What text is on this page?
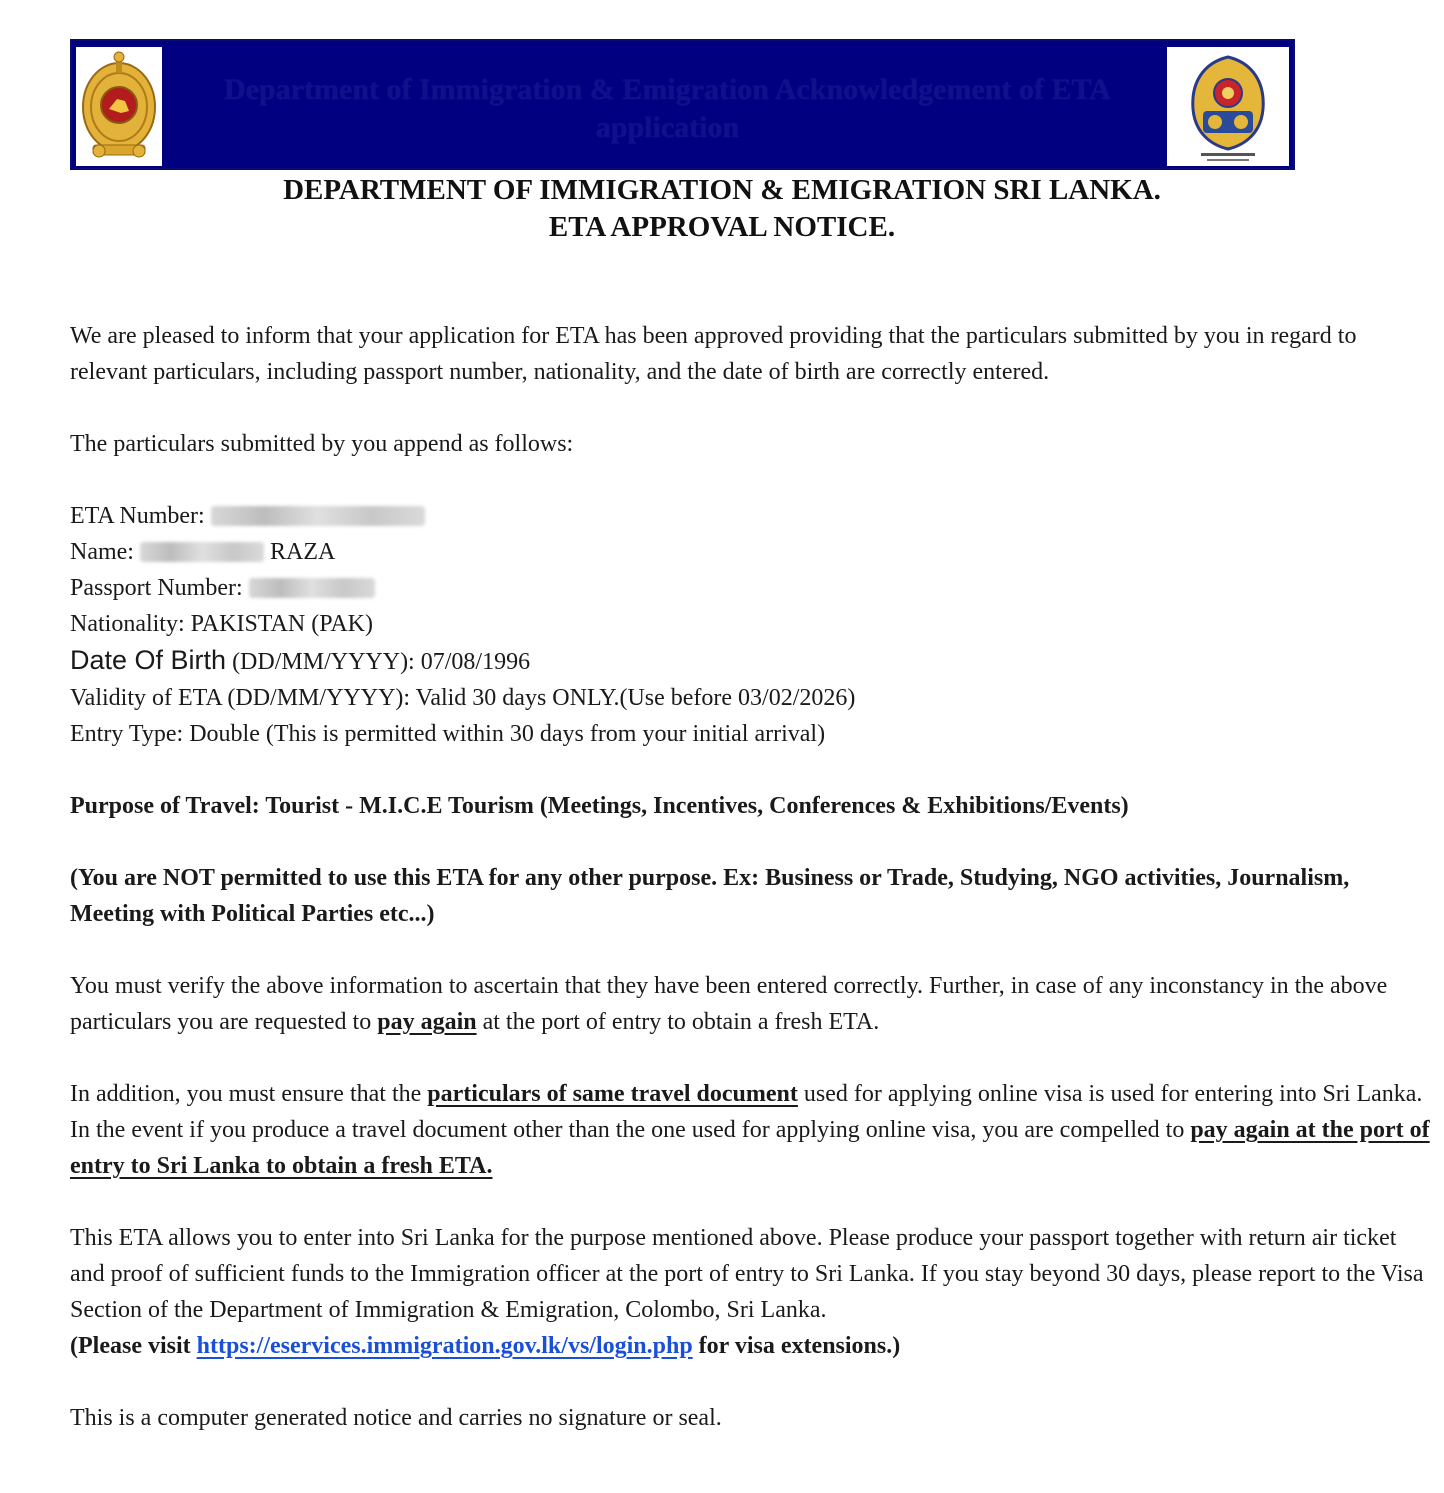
Department of Immigration & Emigration Acknowledgement of ETA
application
DEPARTMENT OF IMMIGRATION & EMIGRATION SRI LANKA.
ETA APPROVAL NOTICE.

We are pleased to inform that your application for ETA has been approved providing that the particulars submitted by you in regard to relevant particulars, including passport number, nationality, and the date of birth are correctly entered.

The particulars submitted by you append as follows:

ETA Number:

Name:	RAZA

Passport Number:

Nationality: PAKISTAN (PAK)

Date Of Birth (DD/MM/YYYY): 07/08/1996

Validity of ETA (DD/MM/YYYY): Valid 30 days ONLY.(Use before 03/02/2026)

Entry Type: Double (This is permitted within 30 days from your initial arrival)

Purpose of Travel: Tourist - M.I.C.E Tourism (Meetings, Incentives, Conferences & Exhibitions/Events)

(You are NOT permitted to use this ETA for any other purpose. Ex: Business or Trade, Studying, NGO activities, Journalism, Meeting with Political Parties etc...)

You must verify the above information to ascertain that they have been entered correctly. Further, in case of any inconstancy in the above particulars you are requested to pay again at the port of entry to obtain a fresh ETA.

In addition, you must ensure that the particulars of same travel document used for applying online visa is used for entering into Sri Lanka. In the event if you produce a travel document other than the one used for applying online visa, you are compelled to pay again at the port of entry to Sri Lanka to obtain a fresh ETA.

This ETA allows you to enter into Sri Lanka for the purpose mentioned above. Please produce your passport together with return air ticket and proof of sufficient funds to the Immigration officer at the port of entry to Sri Lanka. If you stay beyond 30 days, please report to the Visa Section of the Department of Immigration & Emigration, Colombo, Sri Lanka.

(Please visit https://eservices.immigration.gov.lk/vs/login.php for visa extensions.)

This is a computer generated notice and carries no signature or seal.
